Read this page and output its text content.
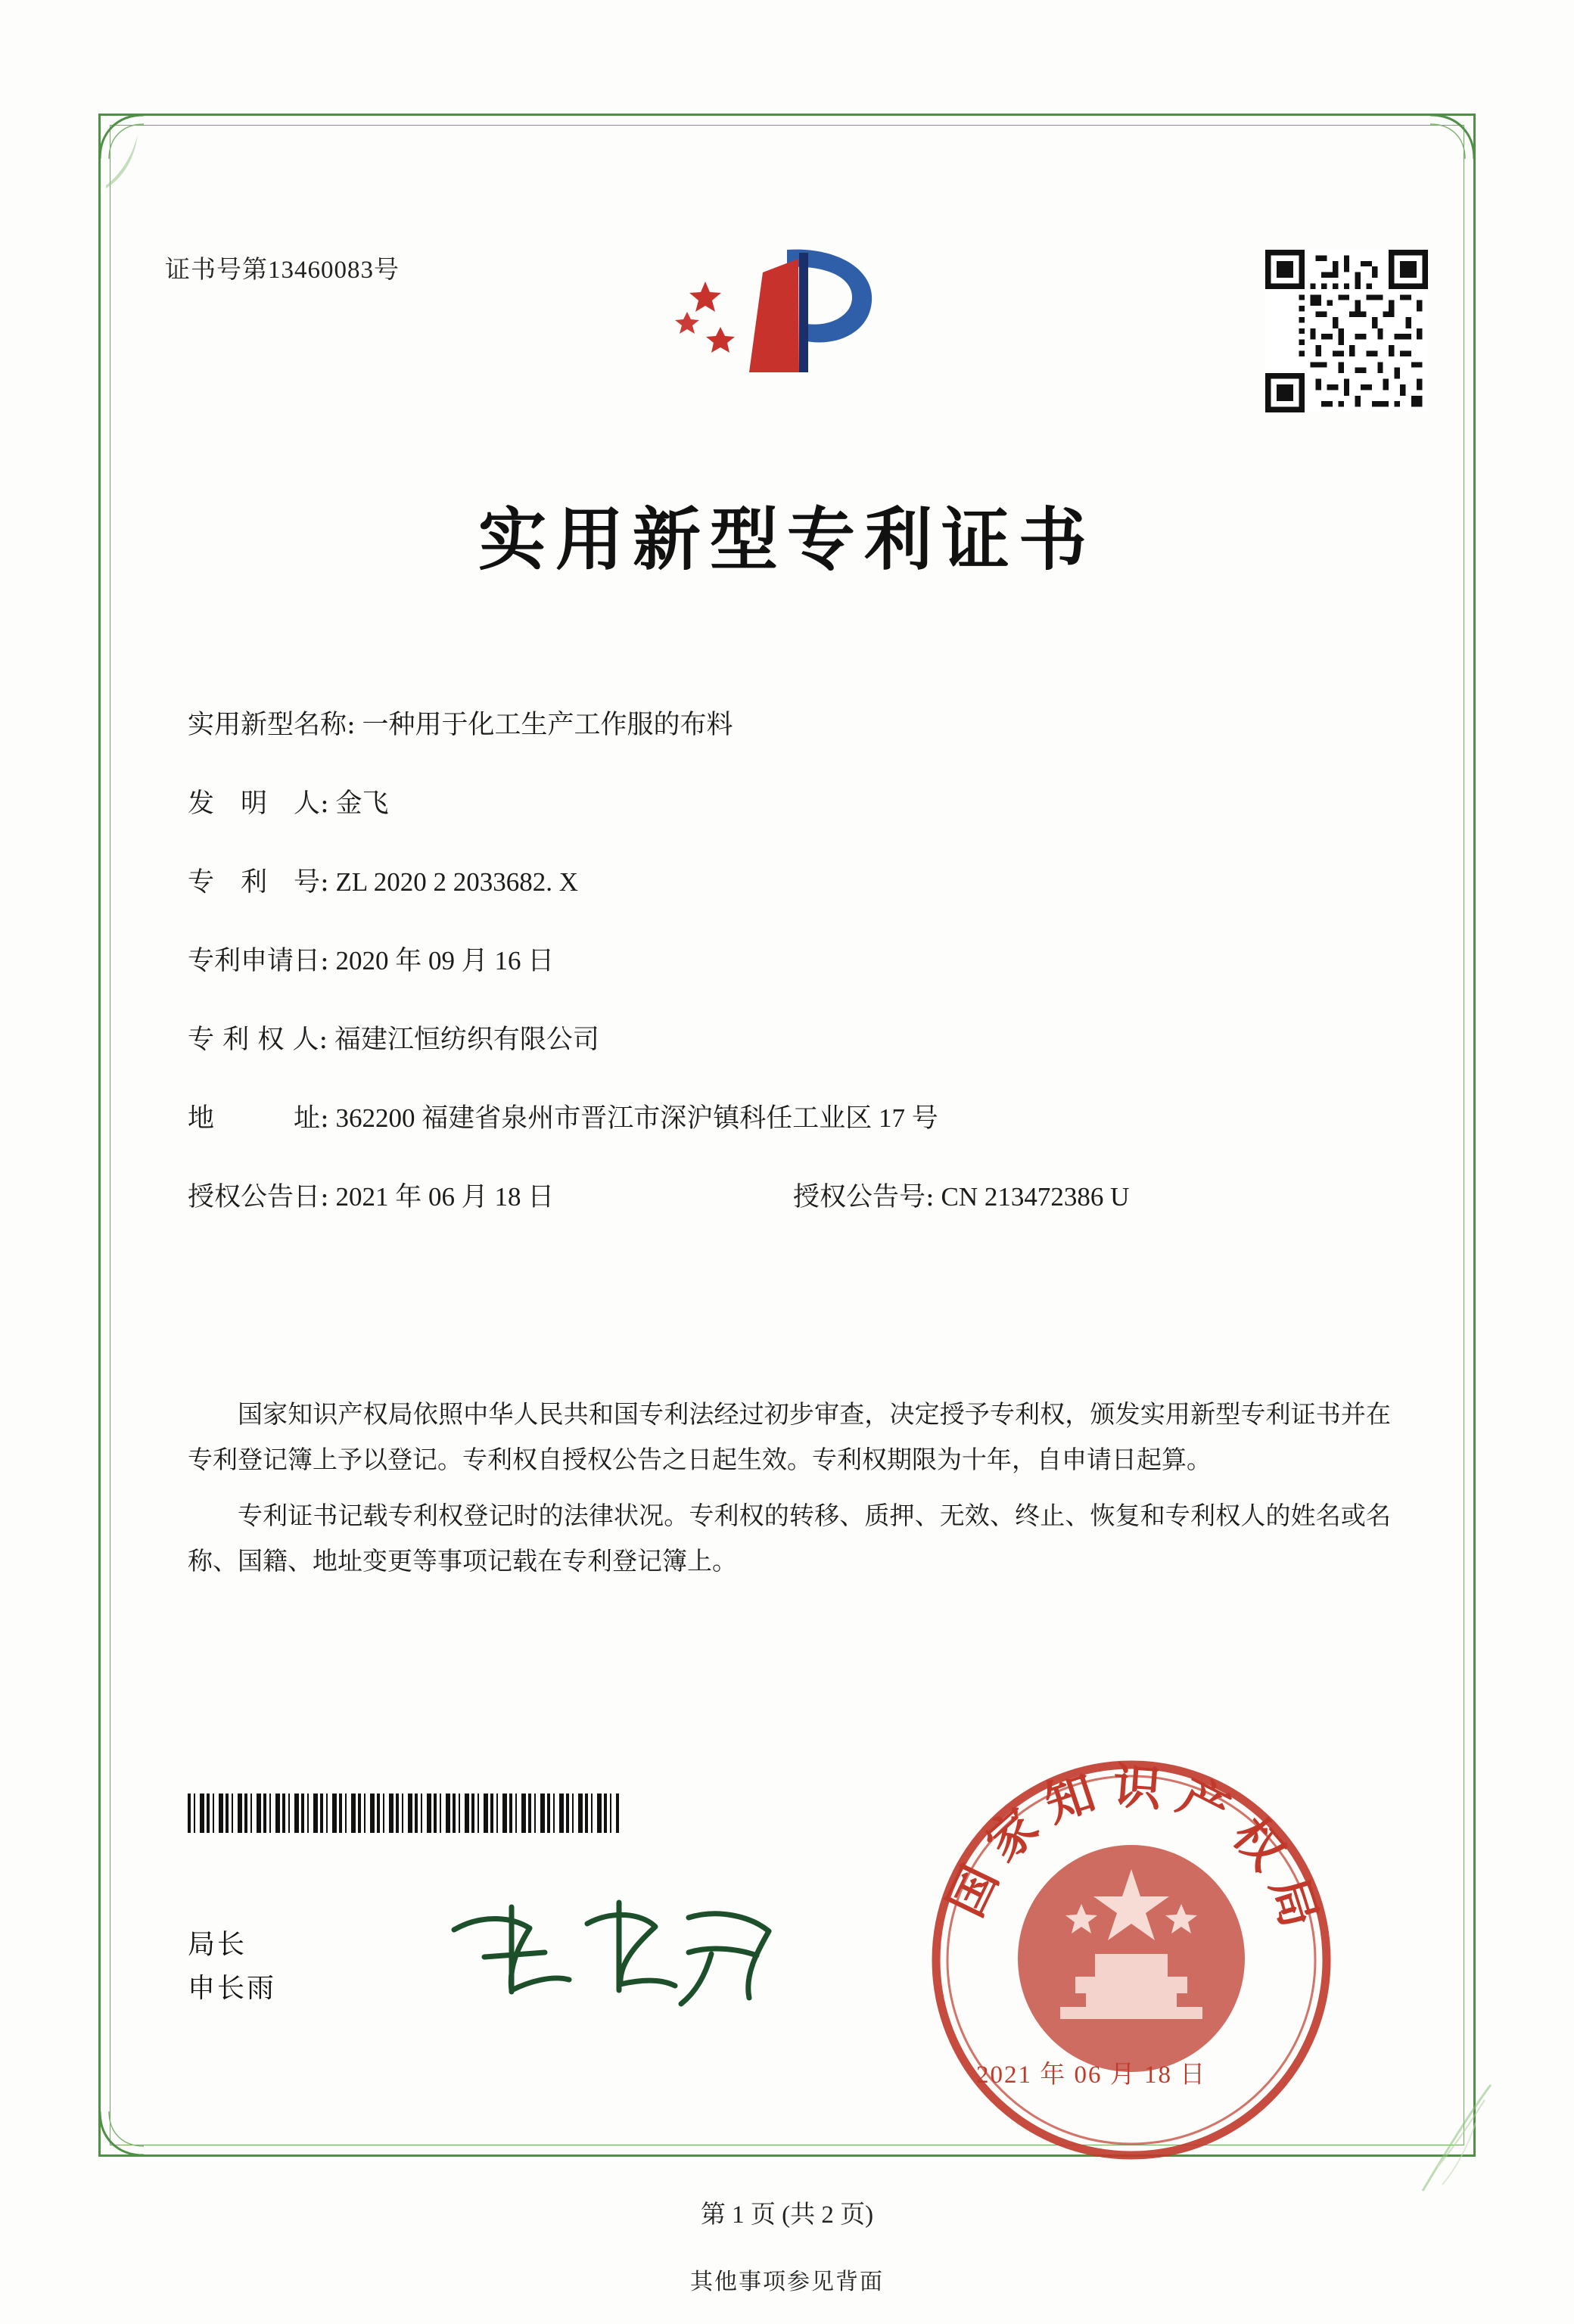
证书号第13460083号
实用新型专利证书
实用新型名称: 一种用于化工生产工作服的布料
发　明　人: 金飞
专　利　号: ZL 2020 2 2033682. X
专利申请日: 2020 年 09 月 16 日
专 利 权 人: 福建江恒纺织有限公司
地　　　址: 362200 福建省泉州市晋江市深沪镇科任工业区 17 号
授权公告日: 2021 年 06 月 18 日	授权公告号: CN 213472386 U

国家知识产权局依照中华人民共和国专利法经过初步审查，决定授予专利权，颁发实用新型专利证书并在专利登记簿上予以登记。专利权自授权公告之日起生效。专利权期限为十年，自申请日起算。

专利证书记载专利权登记时的法律状况。专利权的转移、质押、无效、终止、恢复和专利权人的姓名或名称、国籍、地址变更等事项记载在专利登记簿上。

局长
申长雨
国家知识产权局
2021 年 06 月 18 日
第 1 页 (共 2 页)
其他事项参见背面
